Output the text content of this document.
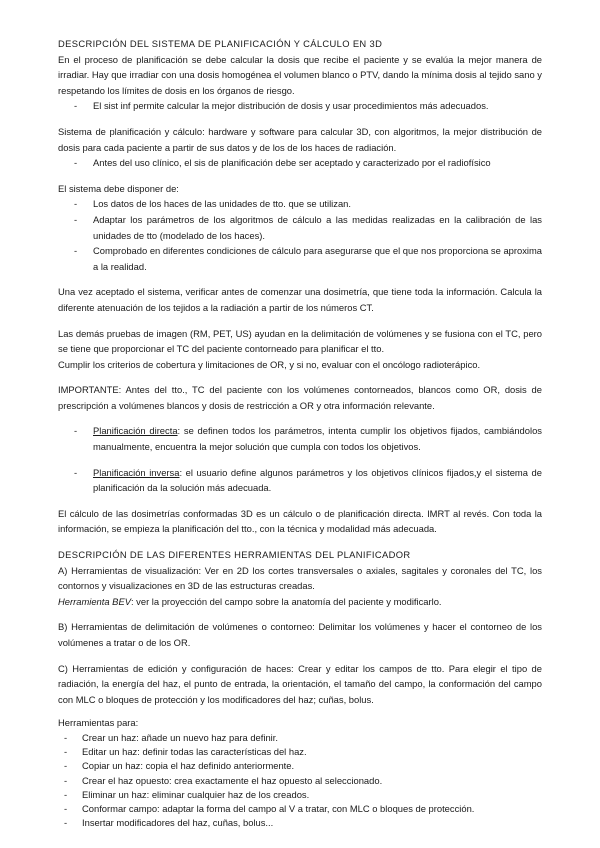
DESCRIPCIÓN DEL SISTEMA DE PLANIFICACIÓN Y CÁLCULO EN 3D

En el proceso de planificación se debe calcular la dosis que recibe el paciente y se evalúa la mejor manera de irradiar. Hay que irradiar con una dosis homogénea el volumen blanco o PTV, dando la mínima dosis al tejido sano y respetando los límites de dosis en los órganos de riesgo.

- El sist inf permite calcular la mejor distribución de dosis y usar procedimientos más adecuados.

Sistema de planificación y cálculo: hardware y software para calcular 3D, con algoritmos, la mejor distribución de dosis para cada paciente a partir de sus datos y de los de los haces de radiación.

- Antes del uso clínico, el sis de planificación debe ser aceptado y caracterizado por el radiofísico

El sistema debe disponer de:

- Los datos de los haces de las unidades de tto. que se utilizan.
- Adaptar los parámetros de los algoritmos de cálculo a las medidas realizadas en la calibración de las unidades de tto (modelado de los haces).
- Comprobado en diferentes condiciones de cálculo para asegurarse que el que nos proporciona se aproxima a la realidad.

Una vez aceptado el sistema, verificar antes de comenzar una dosimetría, que tiene toda la información. Calcula la diferente atenuación de los tejidos a la radiación a partir de los números CT.

Las demás pruebas de imagen (RM, PET, US) ayudan en la delimitación de volúmenes y se fusiona con el TC, pero se tiene que proporcionar el TC del paciente contorneado para planificar el tto.

Cumplir los criterios de cobertura y limitaciones de OR, y si no, evaluar con el oncólogo radioterápico.

IMPORTANTE: Antes del tto., TC del paciente con los volúmenes contorneados, blancos como OR, dosis de prescripción a volúmenes blancos y dosis de restricción a OR y otra información relevante.

- Planificación directa: se definen todos los parámetros, intenta cumplir los objetivos fijados, cambiándolos manualmente, encuentra la mejor solución que cumpla con todos los objetivos.
- Planificación inversa: el usuario define algunos parámetros y los objetivos clínicos fijados,y el sistema de planificación da la solución más adecuada.

El cálculo de las dosimetrías conformadas 3D es un cálculo o de planificación directa. IMRT al revés. Con toda la información, se empieza la planificación del tto., con la técnica y modalidad más adecuada.

DESCRIPCIÓN DE LAS DIFERENTES HERRAMIENTAS DEL PLANIFICADOR

A) Herramientas de visualización: Ver en 2D los cortes transversales o axiales, sagitales y coronales del TC, los contornos y visualizaciones en 3D de las estructuras creadas.

Herramienta BEV: ver la proyección del campo sobre la anatomía del paciente y modificarlo.

B) Herramientas de delimitación de volúmenes o contorneo: Delimitar los volúmenes y hacer el contorneo de los volúmenes a tratar o de los OR.

C) Herramientas de edición y configuración de haces: Crear y editar los campos de tto. Para elegir el tipo de radiación, la energía del haz, el punto de entrada, la orientación, el tamaño del campo, la conformación del campo con MLC o bloques de protección y los modificadores del haz; cuñas, bolus.

Herramientas para:

- Crear un haz: añade un nuevo haz para definir.
- Editar un haz: definir todas las características del haz.
- Copiar un haz: copia el haz definido anteriormente.
- Crear el haz opuesto: crea exactamente el haz opuesto al seleccionado.
- Eliminar un haz: eliminar cualquier haz de los creados.
- Conformar campo: adaptar la forma del campo al V a tratar, con MLC o bloques de protección.
- Insertar modificadores del haz, cuñas, bolus...
